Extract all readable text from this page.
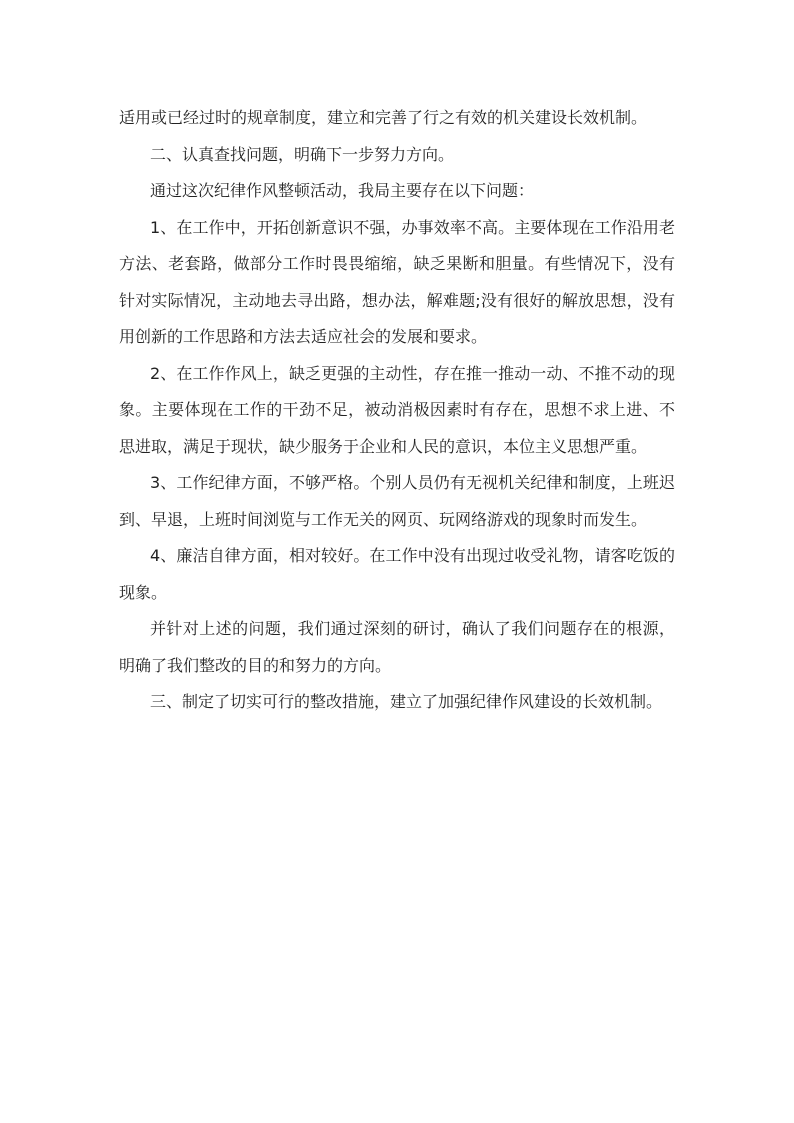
适用或已经过时的规章制度，建立和完善了行之有效的机关建设长效机制。

二、认真查找问题，明确下一步努力方向。

通过这次纪律作风整顿活动，我局主要存在以下问题：

1、在工作中，开拓创新意识不强，办事效率不高。主要体现在工作沿用老方法、老套路，做部分工作时畏畏缩缩，缺乏果断和胆量。有些情况下，没有针对实际情况，主动地去寻出路，想办法，解难题;没有很好的解放思想，没有用创新的工作思路和方法去适应社会的发展和要求。

2、在工作作风上，缺乏更强的主动性，存在推一推动一动、不推不动的现象。主要体现在工作的干劲不足，被动消极因素时有存在，思想不求上进、不思进取，满足于现状，缺少服务于企业和人民的意识，本位主义思想严重。

3、工作纪律方面，不够严格。个别人员仍有无视机关纪律和制度，上班迟到、早退，上班时间浏览与工作无关的网页、玩网络游戏的现象时而发生。

4、廉洁自律方面，相对较好。在工作中没有出现过收受礼物，请客吃饭的现象。

并针对上述的问题，我们通过深刻的研讨，确认了我们问题存在的根源，明确了我们整改的目的和努力的方向。

三、制定了切实可行的整改措施，建立了加强纪律作风建设的长效机制。
